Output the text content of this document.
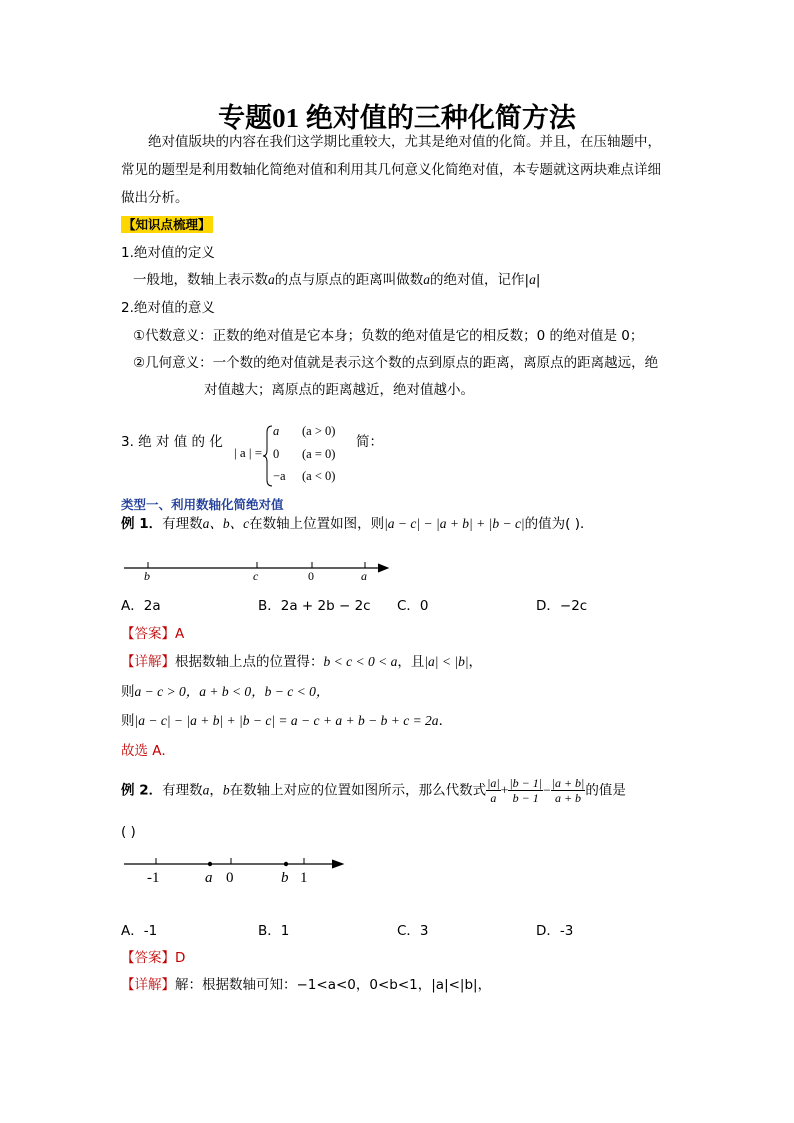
专题01 绝对值的三种化简方法
绝对值版块的内容在我们这学期比重较大，尤其是绝对值的化简。并且，在压轴题中，
常见的题型是利用数轴化简绝对值和利用其几何意义化简绝对值，本专题就这两块难点详细
做出分析。
【知识点梳理】
1.绝对值的定义
一般地，数轴上表示数a的点与原点的距离叫做数a的绝对值，记作|a|
2.绝对值的意义
①代数意义：正数的绝对值是它本身；负数的绝对值是它的相反数；0 的绝对值是 0；
②几何意义：一个数的绝对值就是表示这个数的点到原点的距离，离原点的距离越远，绝
对值越大；离原点的距离越近，绝对值越小。
3. 绝 对 值 的 化
| a | =
a (a > 0)
0 (a = 0)
−a (a < 0)
简：
类型一、利用数轴化简绝对值
例 1．有理数a、b、c在数轴上位置如图，则|a − c| − |a + b| + |b − c|的值为( )．
b	c	0	a
A．2a	B．2a + 2b − 2c C．0	D．−2c
【答案】A
【详解】根据数轴上点的位置得：b < c < 0 < a，且|a| < |b|，
则a − c > 0，a + b < 0，b − c < 0，
则|a − c| − |a + b| + |b − c| = a − c + a + b − b + c = 2a．
故选 A．
例 2．有理数a，b在数轴上对应的位置如图所示，那么代数式 $\frac{|a|}{a} + \frac{|b - 1|}{b - 1} - \frac{|a + b|}{a + b}$ 的值是
( )
-1	a 0	b 1
A．-1	B．1	C．3	D．-3
【答案】D
【详解】解：根据数轴可知：−1<a<0，0<b<1，|a|<|b|，
